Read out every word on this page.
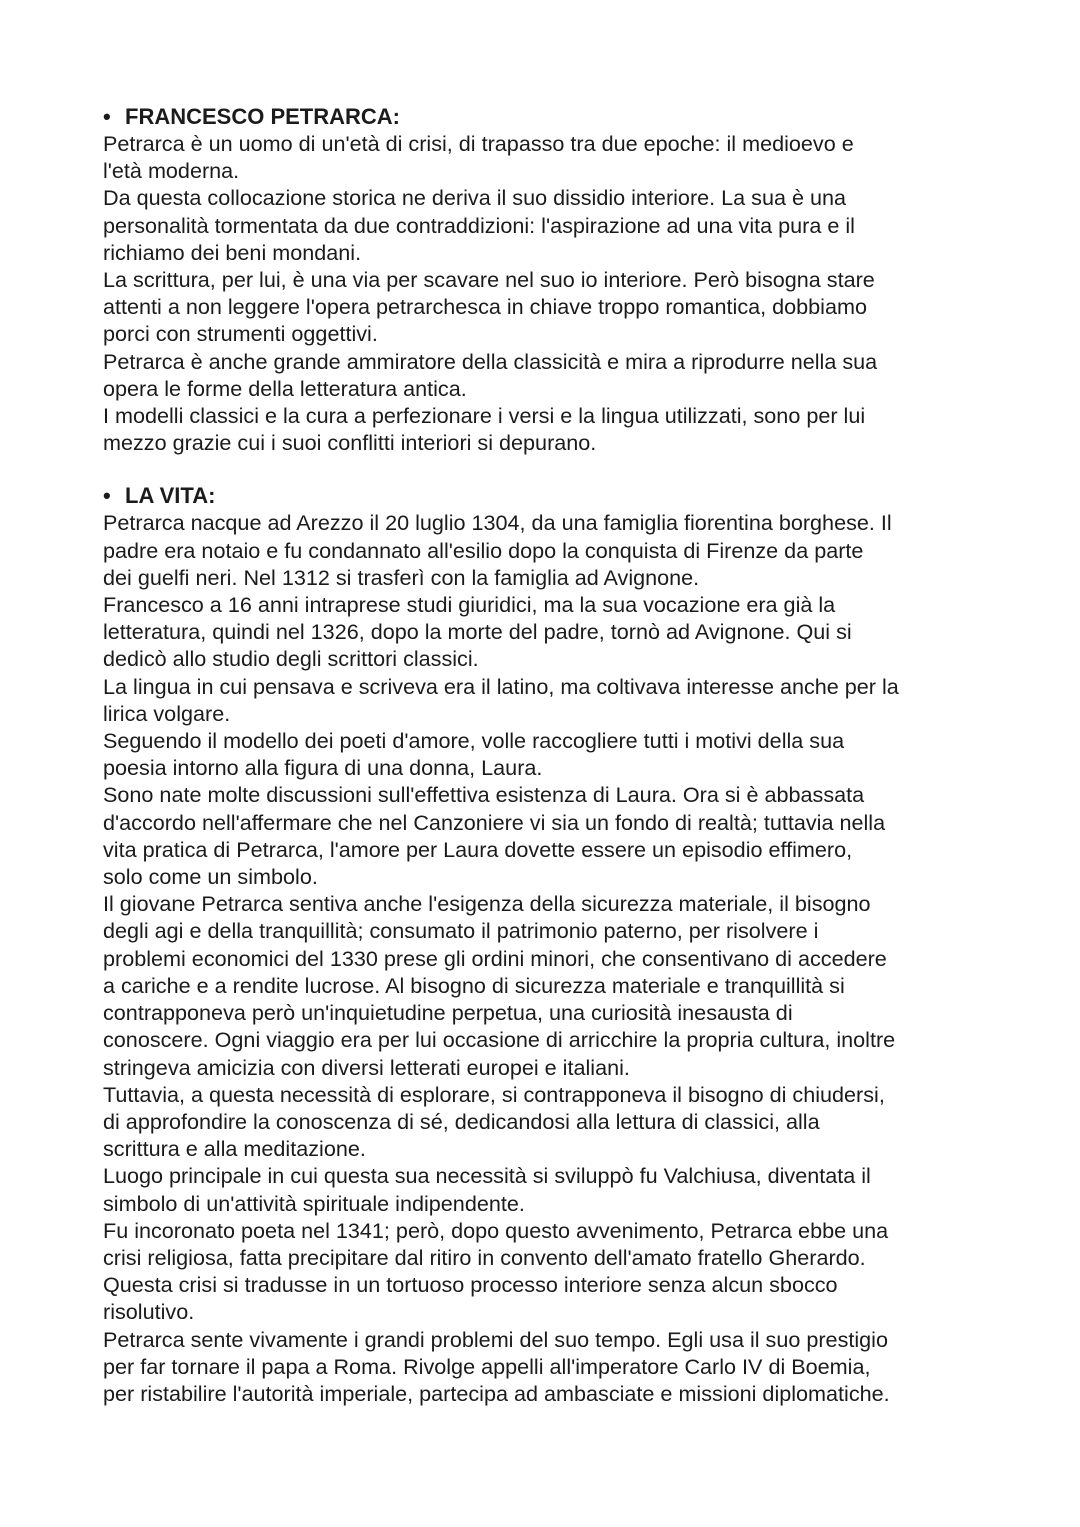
• FRANCESCO PETRARCA:

Petrarca è un uomo di un'età di crisi, di trapasso tra due epoche: il medioevo e
l'età moderna.

Da questa collocazione storica ne deriva il suo dissidio interiore. La sua è una
personalità tormentata da due contraddizioni: l'aspirazione ad una vita pura e il
richiamo dei beni mondani.

La scrittura, per lui, è una via per scavare nel suo io interiore. Però bisogna stare
attenti a non leggere l'opera petrarchesca in chiave troppo romantica, dobbiamo
porci con strumenti oggettivi.

Petrarca è anche grande ammiratore della classicità e mira a riprodurre nella sua
opera le forme della letteratura antica.

I modelli classici e la cura a perfezionare i versi e la lingua utilizzati, sono per lui
mezzo grazie cui i suoi conflitti interiori si depurano.

• LA VITA:

Petrarca nacque ad Arezzo il 20 luglio 1304, da una famiglia fiorentina borghese. Il
padre era notaio e fu condannato all'esilio dopo la conquista di Firenze da parte
dei guelfi neri. Nel 1312 si trasferì con la famiglia ad Avignone.

Francesco a 16 anni intraprese studi giuridici, ma la sua vocazione era già la
letteratura, quindi nel 1326, dopo la morte del padre, tornò ad Avignone. Qui si
dedicò allo studio degli scrittori classici.

La lingua in cui pensava e scriveva era il latino, ma coltivava interesse anche per la
lirica volgare.

Seguendo il modello dei poeti d'amore, volle raccogliere tutti i motivi della sua
poesia intorno alla figura di una donna, Laura.

Sono nate molte discussioni sull'effettiva esistenza di Laura. Ora si è abbassata
d'accordo nell'affermare che nel Canzoniere vi sia un fondo di realtà; tuttavia nella
vita pratica di Petrarca, l'amore per Laura dovette essere un episodio effimero,
solo come un simbolo.

Il giovane Petrarca sentiva anche l'esigenza della sicurezza materiale, il bisogno
degli agi e della tranquillità; consumato il patrimonio paterno, per risolvere i
problemi economici del 1330 prese gli ordini minori, che consentivano di accedere
a cariche e a rendite lucrose. Al bisogno di sicurezza materiale e tranquillità si
contrapponeva però un'inquietudine perpetua, una curiosità inesausta di
conoscere. Ogni viaggio era per lui occasione di arricchire la propria cultura, inoltre
stringeva amicizia con diversi letterati europei e italiani.

Tuttavia, a questa necessità di esplorare, si contrapponeva il bisogno di chiudersi,
di approfondire la conoscenza di sé, dedicandosi alla lettura di classici, alla
scrittura e alla meditazione.

Luogo principale in cui questa sua necessità si sviluppò fu Valchiusa, diventata il
simbolo di un'attività spirituale indipendente.

Fu incoronato poeta nel 1341; però, dopo questo avvenimento, Petrarca ebbe una
crisi religiosa, fatta precipitare dal ritiro in convento dell'amato fratello Gherardo.

Questa crisi si tradusse in un tortuoso processo interiore senza alcun sbocco
risolutivo.

Petrarca sente vivamente i grandi problemi del suo tempo. Egli usa il suo prestigio
per far tornare il papa a Roma. Rivolge appelli all'imperatore Carlo IV di Boemia,
per ristabilire l'autorità imperiale, partecipa ad ambasciate e missioni diplomatiche.
